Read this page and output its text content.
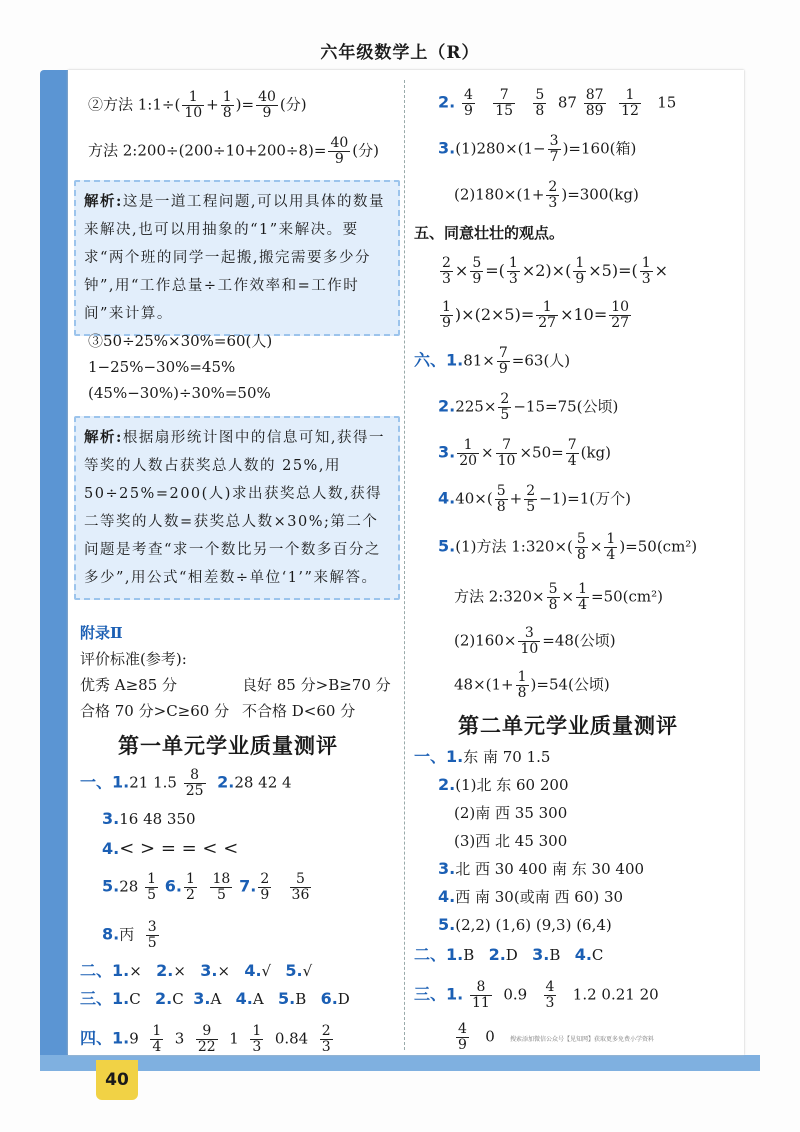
六年级数学上（R）
40
②方法 1:1÷( $\frac{1}{10} + \frac{1}{8}$ )= $\frac{40}{9}$ (分)
方法 2:200÷(200÷10+200÷8)= $\frac{40}{9}$ (分)
解析:这是一道工程问题,可以用具体的数量来解决,也可以用抽象的“1”来解决。要求“两个班的同学一起搬,搬完需要多少分钟”,用“工作总量÷工作效率和=工作时间”来计算。
③50÷25%×30%=60(人)
1−25%−30%=45%
(45%−30%)÷30%=50%
解析:根据扇形统计图中的信息可知,获得一等奖的人数占获奖总人数的 25%,用50÷25%=200(人)求出获奖总人数,获得二等奖的人数=获奖总人数×30%;第二个问题是考查“求一个数比另一个数多百分之多少”,用公式“相差数÷单位‘1’”来解答。
附录Ⅱ
评价标准(参考):
优秀 A≥85 分	良好 85 分>B≥70 分
合格 70 分>C≥60 分 不合格 D<60 分
第一单元学业质量测评
一、1.21 $1.5 \frac{8}{25} 2.28$ 42 4
3.16 48 350
4.< > = = < <
$5.28 \frac{1}{5} 6$. $\frac{1}{2}$
$\frac{18}{5} 7$. $\frac{2}{9}$
$\frac{5}{36}$
8.丙 $\frac{3}{5}$
二、1.× 2.× 3.× 4.√ 5.√
三、1.C 2.C 3.A 4.A 5.B 6.D
四、$1.9 \frac{1}{4} 3 \frac{9}{22} 1 \frac{1}{3} 0.84 \frac{2}{3}$
2. $\frac{4}{9}$
$\frac{7}{15}$
$\frac{5}{8} 87 \frac{87}{89}$
$\frac{1}{12} 15$
$3.(1)280\times(1- \frac{3}{7} )=160$(箱)
$(2)180\times(1+ \frac{2}{3} )=300(kg)$
五、同意壮壮的观点。
$\frac{2}{3} \times \frac{5}{9}$ =( $\frac{1}{3} \times 2)\times( \frac{1}{9} \times 5)=( \frac{1}{3}$ ×
$\frac{1}{9} )\times(2\times 5)= \frac{1}{27} \times 10= \frac{10}{27}$
六、$1.81\times \frac{7}{9} =63$(人)
$2.225\times \frac{2}{5} -15=75$(公顷)
3. $\frac{1}{20} \times \frac{7}{10} \times 50= \frac{7}{4} (kg)$
$4.40\times( \frac{5}{8} + \frac{2}{5} -1)=1$(万个)
5.(1)方法 1:320×( $\frac{5}{8} \times \frac{1}{4} )=50(cm^2)$
方法 2:320× $\frac{5}{8} \times \frac{1}{4} =50(cm^2)$
$(2)160\times \frac{3}{10} =48$(公顷)
$48\times(1+ \frac{1}{8} )=54$(公顷)
第二单元学业质量测评
一、1.东 南 70 1.5
2.(1)北 东 60 200
(2)南 西 35 300
(3)西 北 45 300
3.北 西 30 400 南 东 30 400
4.西 南 30(或南 西 60) 30
5.(2,2) (1,6) (9,3) (6,4)
二、1.B 2.D 3.B 4.C
三、1. $\frac{8}{11} 0.9 \frac{4}{3} 1.2$ 0.21 20
$\frac{4}{9} 0$	搜索添加微信公众号【见知网】获取更多免费小学资料
